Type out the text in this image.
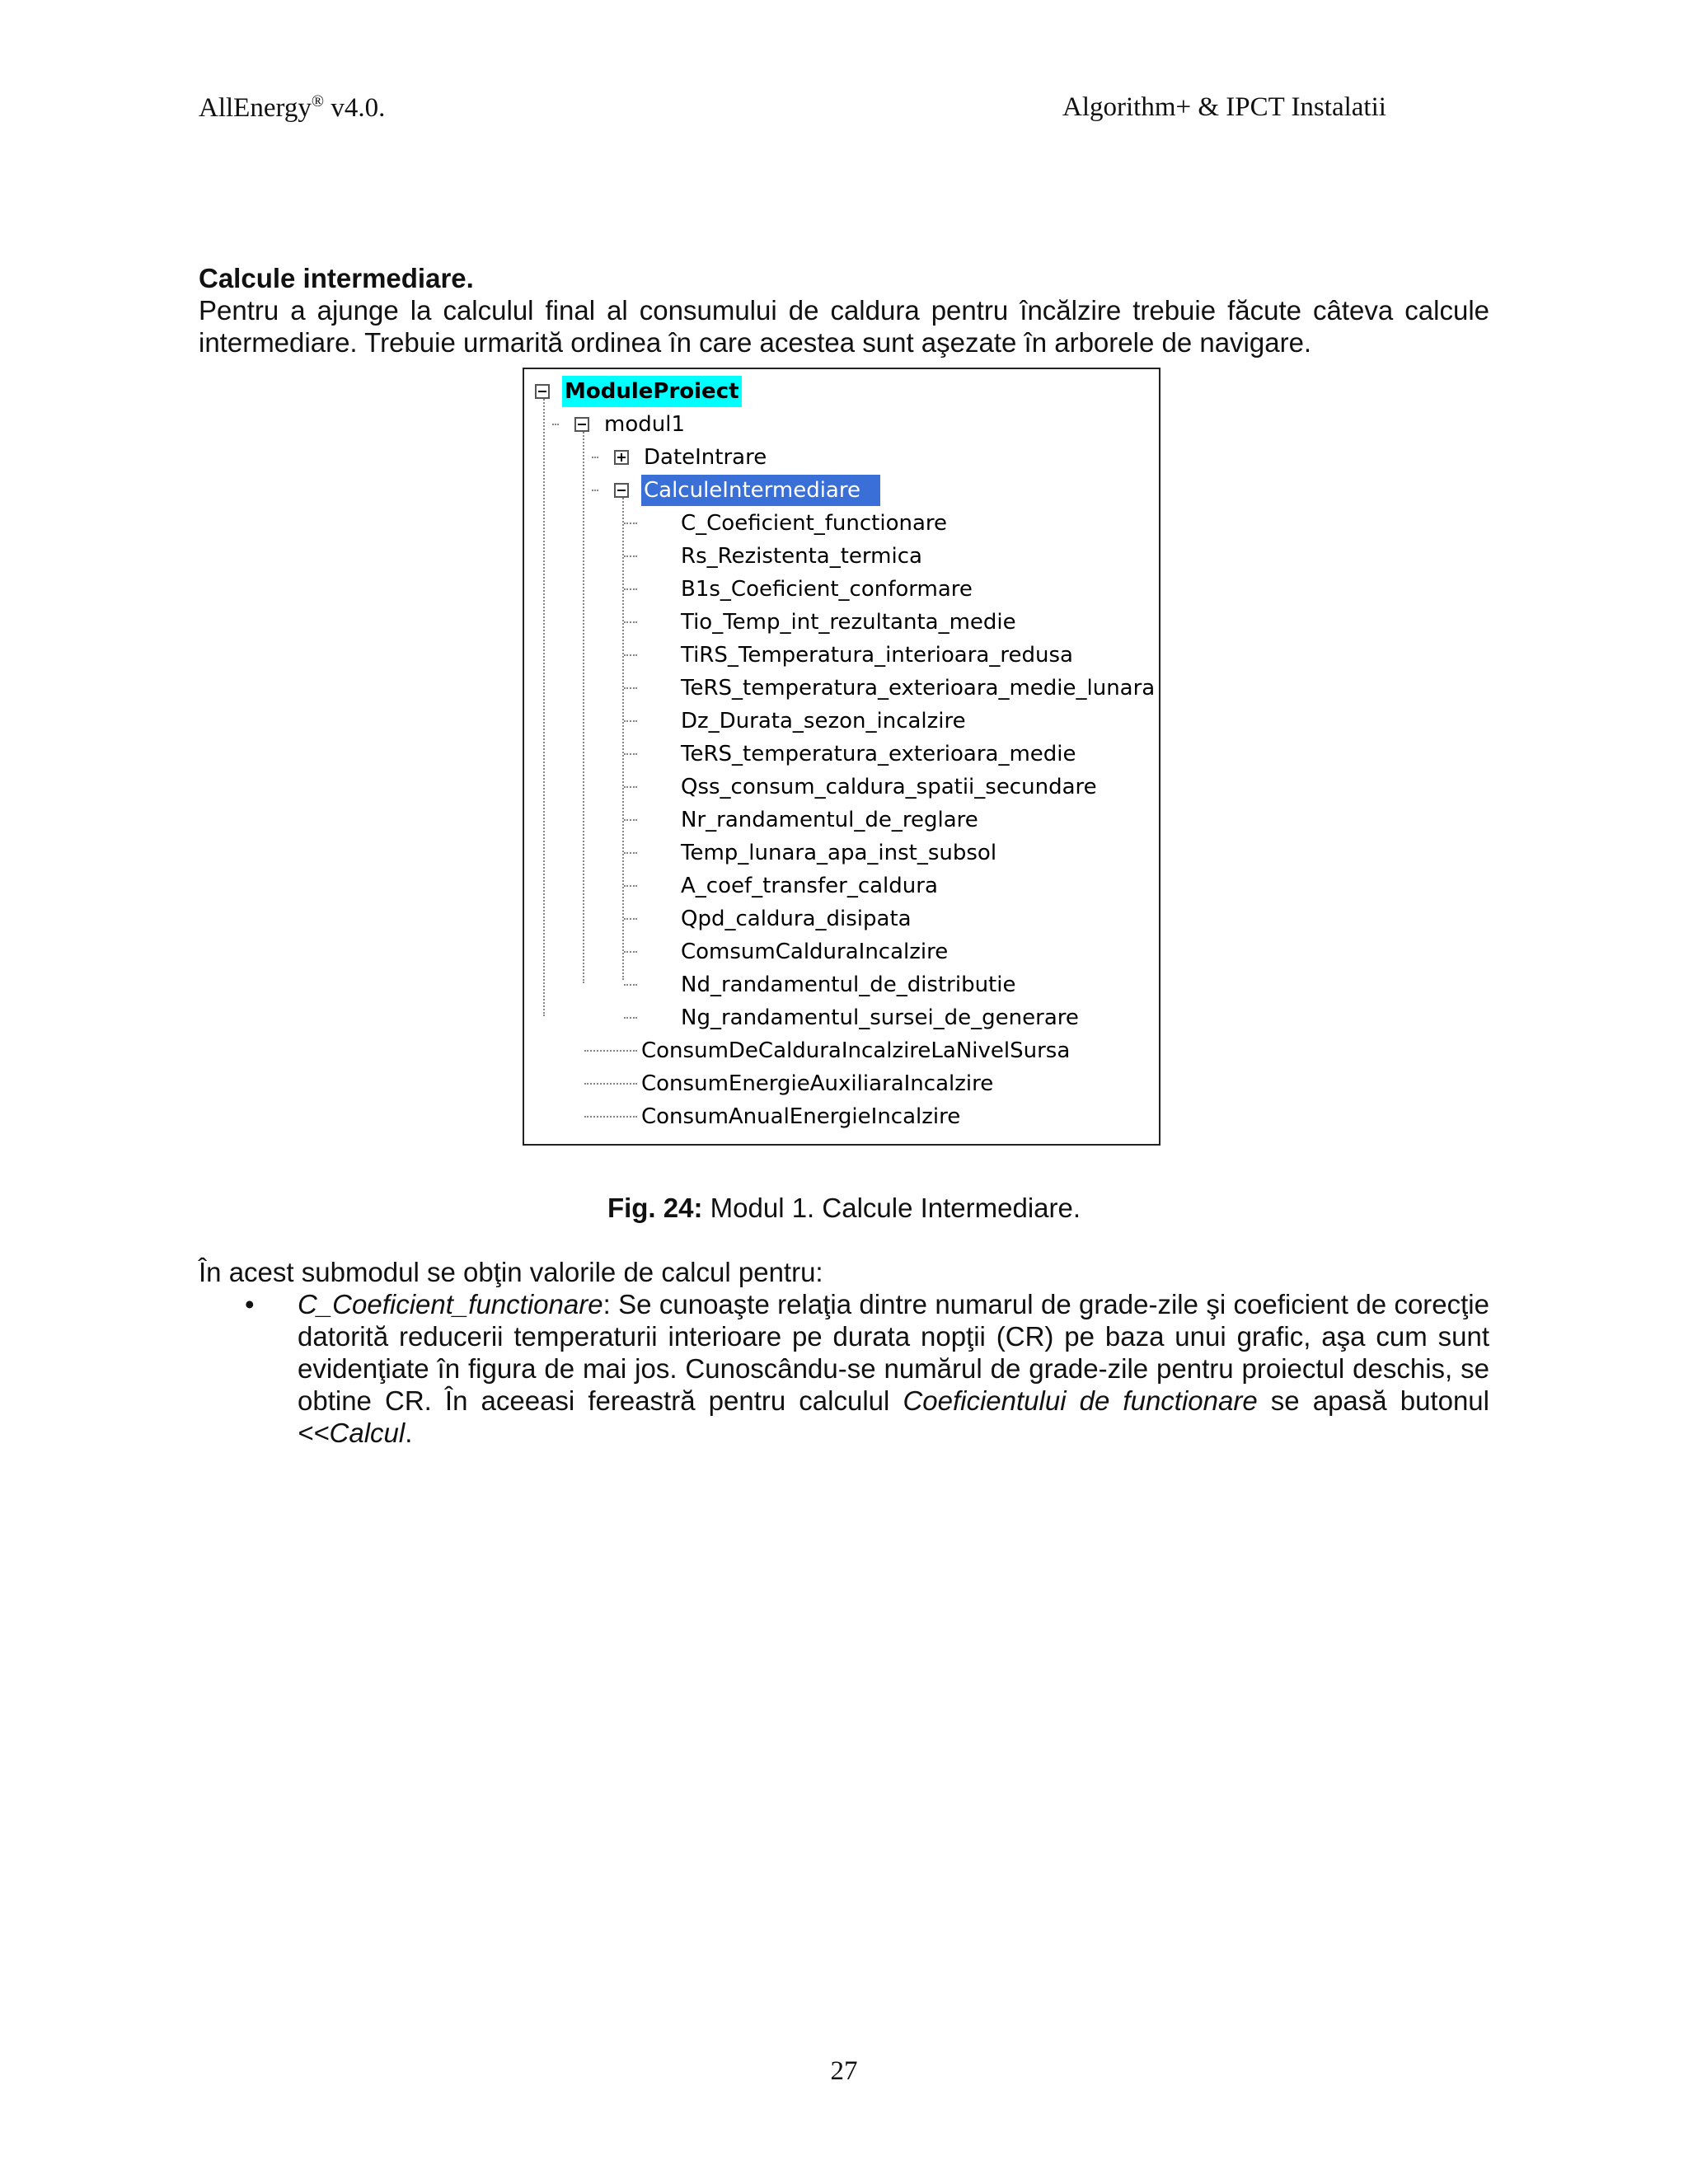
AllEnergy® v4.0.	Algorithm+ & IPCT Instalatii
Calcule intermediare.
Pentru a ajunge la calculul final al consumului de caldura pentru încălzire trebuie făcute câteva calcule intermediare. Trebuie urmarită ordinea în care acestea sunt aşezate în arborele de navigare.
ModuleProiect
modul1
DateIntrare
CalculeIntermediare
C_Coeficient_functionare
Rs_Rezistenta_termica
B1s_Coeficient_conformare
Tio_Temp_int_rezultanta_medie
TiRS_Temperatura_interioara_redusa
TeRS_temperatura_exterioara_medie_lunara
Dz_Durata_sezon_incalzire
TeRS_temperatura_exterioara_medie
Qss_consum_caldura_spatii_secundare
Nr_randamentul_de_reglare
Temp_lunara_apa_inst_subsol
A_coef_transfer_caldura
Qpd_caldura_disipata
ComsumCalduraIncalzire
Nd_randamentul_de_distributie
Ng_randamentul_sursei_de_generare
ConsumDeCalduraIncalzireLaNivelSursa
ConsumEnergieAuxiliaraIncalzire
ConsumAnualEnergieIncalzire
Fig. 24: Modul 1. Calcule Intermediare.
În acest submodul se obţin valorile de calcul pentru:
•	C_Coeficient_functionare: Se cunoaşte relaţia dintre numarul de grade-zile şi coeficient de corecţie datorită reducerii temperaturii interioare pe durata nopţii (CR) pe baza unui grafic, aşa cum sunt evidenţiate în figura de mai jos. Cunoscându-se numărul de grade-zile pentru proiectul deschis, se obtine CR. În aceeasi fereastră pentru calculul Coeficientului de functionare se apasă butonul <<Calcul.
27
